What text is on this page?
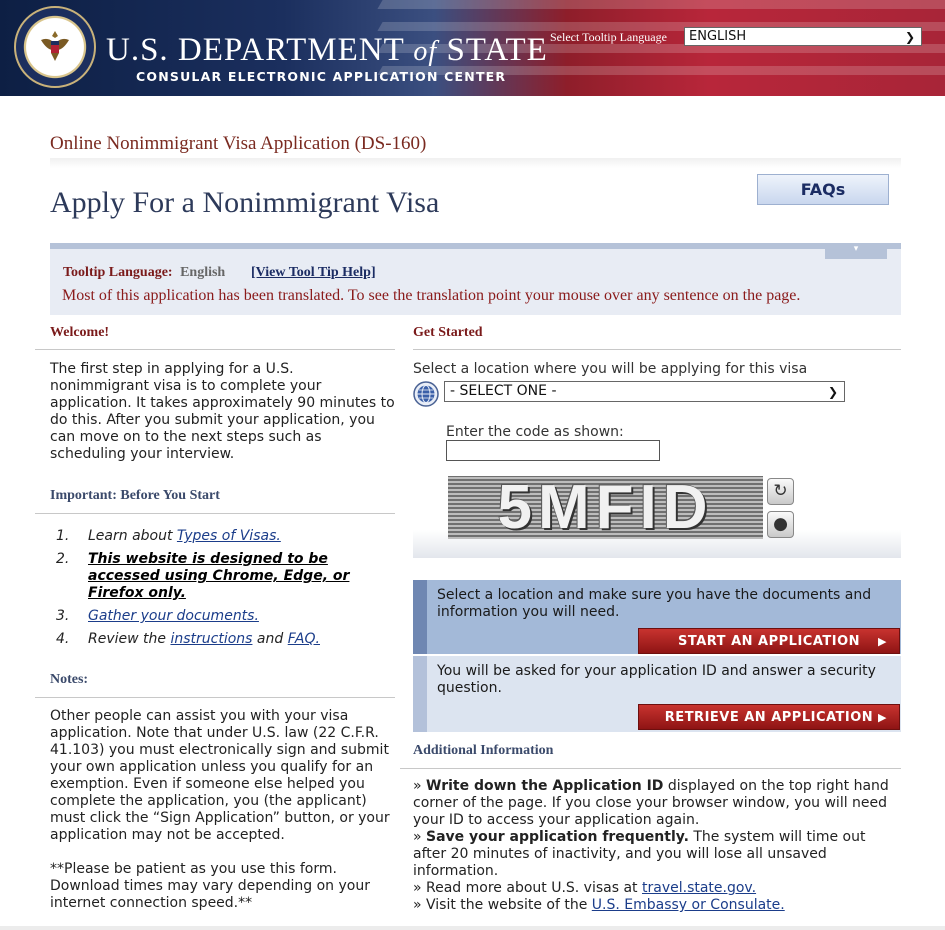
U.S. DEPARTMENT of STATE
CONSULAR ELECTRONIC APPLICATION CENTER
Select Tooltip Language	ENGLISH	❯
Online Nonimmigrant Visa Application (DS-160)
Apply For a Nonimmigrant Visa	FAQs
▾
Tooltip Language: English [View Tool Tip Help]
Most of this application has been translated. To see the translation point your mouse over any sentence on the page.
Welcome!
The first step in applying for a U.S. nonimmigrant visa is to complete your application. It takes approximately 90 minutes to do this. After you submit your application, you can move on to the next steps such as scheduling your interview.
Important: Before You Start
1. Learn about Types of Visas.
2. This website is designed to be accessed using Chrome, Edge, or Firefox only.
3. Gather your documents.
4. Review the instructions and FAQ.
Notes:
Other people can assist you with your visa application. Note that under U.S. law (22 C.F.R. 41.103) you must electronically sign and submit your own application unless you qualify for an exemption. Even if someone else helped you complete the application, you (the applicant) must click the “Sign Application” button, or your application may not be accepted.
**Please be patient as you use this form. Download times may vary depending on your internet connection speed.**
Get Started
Select a location where you will be applying for this visa
- SELECT ONE -	❯
Enter the code as shown:
5MFID	↻
●
Select a location and make sure you have the documents and information you will need.
START AN APPLICATION ▶
You will be asked for your application ID and answer a security question.
RETRIEVE AN APPLICATION ▶
Additional Information
» Write down the Application ID displayed on the top right hand corner of the page. If you close your browser window, you will need your ID to access your application again.
» Save your application frequently. The system will time out after 20 minutes of inactivity, and you will lose all unsaved information.
» Read more about U.S. visas at travel.state.gov.
» Visit the website of the U.S. Embassy or Consulate.
